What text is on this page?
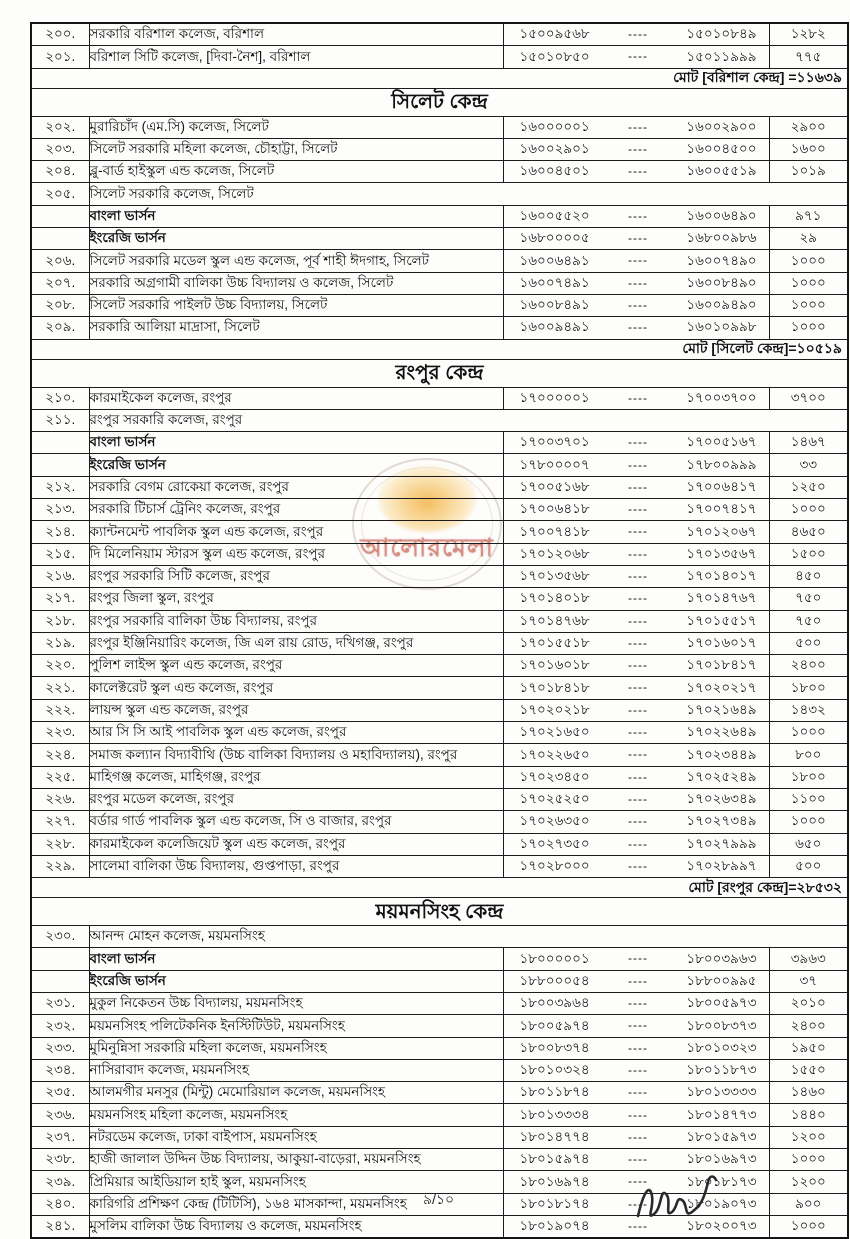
আলোরমেলা
২০০.	সরকারি বরিশাল কলেজ, বরিশাল	১৫০০৯৫৬৮ ---- ১৫০১০৮৪৯	১২৮২
২০১.	বরিশাল সিটি কলেজ, [দিবা-নৈশ], বরিশাল	১৫০১০৮৫০ ---- ১৫০১১৯৯৯	৭৭৫
মোট [বরিশাল কেন্দ্র] =১১৬৩৯			
সিলেট কেন্দ্র			
২০২.	মুরারিচাঁদ (এম.সি) কলেজ, সিলেট	১৬০০০০০১ ---- ১৬০০২৯০০	২৯০০
২০৩.	সিলেট সরকারি মহিলা কলেজ, চৌহাট্টা, সিলেট	১৬০০২৯০১ ---- ১৬০০৪৫০০	১৬০০
২০৪.	ব্লু-বার্ড হাইস্কুল এন্ড কলেজ, সিলেট	১৬০০৪৫০১ ---- ১৬০০৫৫১৯	১০১৯
২০৫.	সিলেট সরকারি কলেজ, সিলেট		
	বাংলা ভার্সন	১৬০০৫৫২০ ---- ১৬০০৬৪৯০	৯৭১
	ইংরেজি ভার্সন	১৬৮০০০০৫ ---- ১৬৮০০৯৮৬	২৯
২০৬.	সিলেট সরকারি মডেল স্কুল এন্ড কলেজ, পূর্ব শাহী ঈদগাহ, সিলেট	১৬০০৬৪৯১ ---- ১৬০০৭৪৯০	১০০০
২০৭.	সরকারি অগ্রগামী বালিকা উচ্চ বিদ্যালয় ও কলেজ, সিলেট	১৬০০৭৪৯১ ---- ১৬০০৮৪৯০	১০০০
২০৮.	সিলেট সরকারি পাইলট উচ্চ বিদ্যালয়, সিলেট	১৬০০৮৪৯১ ---- ১৬০০৯৪৯০	১০০০
২০৯.	সরকারি আলিয়া মাদ্রাসা, সিলেট	১৬০০৯৪৯১ ---- ১৬০১০৯৯৮	১০০০
মোট [সিলেট কেন্দ্র]=১০৫১৯			
রংপুর কেন্দ্র			
২১০.	কারমাইকেল কলেজ, রংপুর	১৭০০০০০১ ---- ১৭০০৩৭০০	৩৭০০
২১১.	রংপুর সরকারি কলেজ, রংপুর		
	বাংলা ভার্সন	১৭০০৩৭০১ ---- ১৭০০৫১৬৭	১৪৬৭
	ইংরেজি ভার্সন	১৭৮০০০০৭ ---- ১৭৮০০৯৯৯	৩৩
২১২.	সরকারি বেগম রোকেয়া কলেজ, রংপুর	১৭০০৫১৬৮ ---- ১৭০০৬৪১৭	১২৫০
২১৩.	সরকারি টিচার্স ট্রেনিং কলেজ, রংপুর	১৭০০৬৪১৮ ---- ১৭০০৭৪১৭	১০০০
২১৪.	ক্যান্টনমেন্ট পাবলিক স্কুল এন্ড কলেজ, রংপুর	১৭০০৭৪১৮ ---- ১৭০১২০৬৭	৪৬৫০
২১৫.	দি মিলেনিয়াম স্টারস স্কুল এন্ড কলেজ, রংপুর	১৭০১২০৬৮ ---- ১৭০১৩৫৬৭	১৫০০
২১৬.	রংপুর সরকারি সিটি কলেজ, রংপুর	১৭০১৩৫৬৮ ---- ১৭০১৪০১৭	৪৫০
২১৭.	রংপুর জিলা স্কুল, রংপুর	১৭০১৪০১৮ ---- ১৭০১৪৭৬৭	৭৫০
২১৮.	রংপুর সরকারি বালিকা উচ্চ বিদ্যালয়, রংপুর	১৭০১৪৭৬৮ ---- ১৭০১৫৫১৭	৭৫০
২১৯.	রংপুর ইঞ্জিনিয়ারিং কলেজ, জি এল রায় রোড, দখিগঞ্জ, রংপুর	১৭০১৫৫১৮ ---- ১৭০১৬০১৭	৫০০
২২০.	পুলিশ লাইন্স স্কুল এন্ড কলেজ, রংপুর	১৭০১৬০১৮ ---- ১৭০১৮৪১৭	২৪০০
২২১.	কালেক্টরেট স্কুল এন্ড কলেজ, রংপুর	১৭০১৮৪১৮ ---- ১৭০২০২১৭	১৮০০
২২২.	লায়ন্স স্কুল এন্ড কলেজ, রংপুর	১৭০২০২১৮ ---- ১৭০২১৬৪৯	১৪৩২
২২৩.	আর সি সি আই পাবলিক স্কুল এন্ড কলেজ, রংপুর	১৭০২১৬৫০ ---- ১৭০২২৬৪৯	১০০০
২২৪.	সমাজ কল্যান বিদ্যাবীথি (উচ্চ বালিকা বিদ্যালয় ও মহাবিদ্যালয়), রংপুর	১৭০২২৬৫০ ---- ১৭০২৩৪৪৯	৮০০
২২৫.	মাহিগঞ্জ কলেজ, মাহিগঞ্জ, রংপুর	১৭০২৩৪৫০ ---- ১৭০২৫২৪৯	১৮০০
২২৬.	রংপুর মডেল কলেজ, রংপুর	১৭০২৫২৫০ ---- ১৭০২৬৩৪৯	১১০০
২২৭.	বর্ডার গার্ড পাবলিক স্কুল এন্ড কলেজ, সি ও বাজার, রংপুর	১৭০২৬৩৫০ ---- ১৭০২৭৩৪৯	১০০০
২২৮.	কারমাইকেল কলেজিয়েট স্কুল এন্ড কলেজ, রংপুর	১৭০২৭৩৫০ ---- ১৭০২৭৯৯৯	৬৫০
২২৯.	সালেমা বালিকা উচ্চ বিদ্যালয়, গুপ্তপাড়া, রংপুর	১৭০২৮০০০ ---- ১৭০২৮৯৯৭	৫০০
মোট [রংপুর কেন্দ্র]=২৮৫৩২			
ময়মনসিংহ কেন্দ্র			
২৩০.	আনন্দ মোহন কলেজ, ময়মনসিংহ		
	বাংলা ভার্সন	১৮০০০০০১ ---- ১৮০০৩৯৬৩	৩৯৬৩
	ইংরেজি ভার্সন	১৮৮০০০৫৪ ---- ১৮৮০০৯৯৫	৩৭
২৩১.	মুকুল নিকেতন উচ্চ বিদ্যালয়, ময়মনসিংহ	১৮০০৩৯৬৪ ---- ১৮০০৫৯৭৩	২০১০
২৩২.	ময়মনসিংহ পলিটেকনিক ইনস্টিটিউট, ময়মনসিংহ	১৮০০৫৯৭৪ ---- ১৮০০৮৩৭৩	২৪০০
২৩৩.	মুমিনুন্নিসা সরকারি মহিলা কলেজ, ময়মনসিংহ	১৮০০৮৩৭৪ ---- ১৮০১০৩২৩	১৯৫০
২৩৪.	নাসিরাবাদ কলেজ, ময়মনসিংহ	১৮০১০৩২৪ ---- ১৮০১১৮৭৩	১৫৫০
২৩৫.	আলমগীর মনসুর (মিন্টু) মেমোরিয়াল কলেজ, ময়মনসিংহ	১৮০১১৮৭৪ ---- ১৮০১৩৩৩৩	১৪৬০
২৩৬.	ময়মনসিংহ মহিলা কলেজ, ময়মনসিংহ	১৮০১৩৩৩৪ ---- ১৮০১৪৭৭৩	১৪৪০
২৩৭.	নটরডেম কলেজ, ঢাকা বাইপাস, ময়মনসিংহ	১৮০১৪৭৭৪ ---- ১৮০১৫৯৭৩	১২০০
২৩৮.	হাজী জালাল উদ্দিন উচ্চ বিদ্যালয়, আকুয়া-বাড়েরা, ময়মনসিংহ	১৮০১৫৯৭৪ ---- ১৮০১৬৯৭৩	১০০০
২৩৯.	প্রিমিয়ার আইডিয়াল হাই স্কুল, ময়মনসিংহ	১৮০১৬৯৭৪ ---- ১৮০১৮১৭৩	১২০০
২৪০.	কারিগরি প্রশিক্ষণ কেন্দ্র (টিটিসি), ১৬৪ মাসকান্দা, ময়মনসিংহ	১৮০১৮১৭৪ ---- ১৮০১৯০৭৩	৯০০
২৪১.	মুসলিম বালিকা উচ্চ বিদ্যালয় ও কলেজ, ময়মনসিংহ	১৮০১৯০৭৪ ---- ১৮০২০০৭৩	১০০০
৯/১০
